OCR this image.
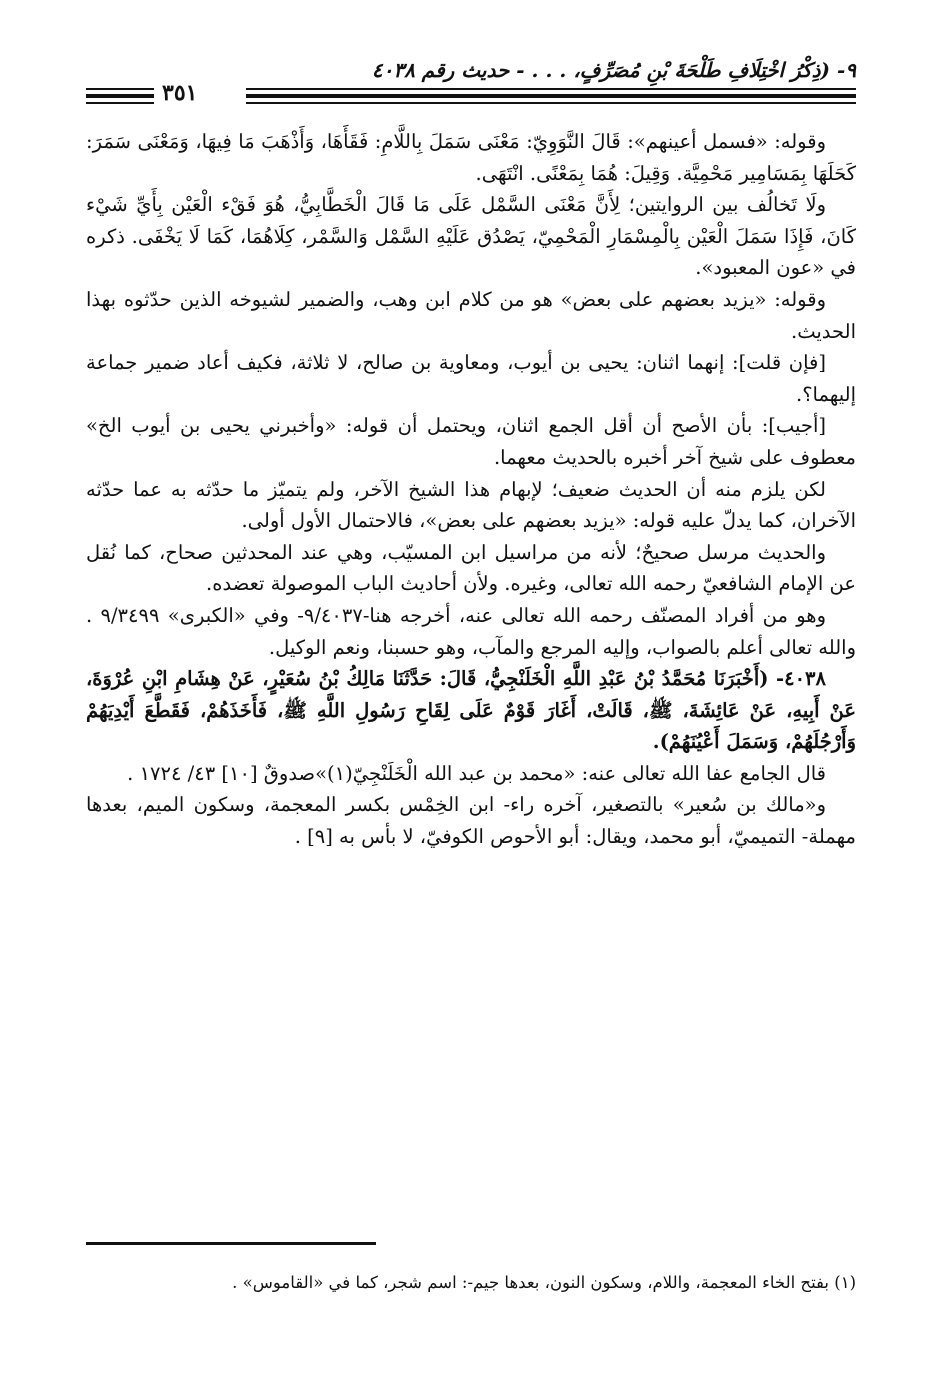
٩- (ذِكْرُ اخْتِلَافِ طَلْحَةَ بْنِ مُصَرِّفٍ، . . . - حديث رقم ٤٠٣٨
٣٥١

وقوله: «فسمل أعينهم»: قَالَ النَّوَوِيّ: مَعْنَى سَمَلَ بِاللَّامِ: فَقَأَهَا، وَأَذْهَبَ مَا فِيهَا، وَمَعْنَى سَمَرَ: كَحَلَهَا بِمَسَامِير مَحْمِيَّة. وَقِيلَ: هُمَا بِمَعْنًى. انْتَهَى.

ولَا تَخالُف بين الروايتين؛ لِأَنَّ مَعْنَى السَّمْل عَلَى مَا قَالَ الْخَطَّابِيُّ، هُوَ فَقْء الْعَيْن بِأَيِّ شَيْء كَانَ، فَإِذَا سَمَلَ الْعَيْن بِالْمِسْمَارِ الْمَحْمِيّ، يَصْدُق عَلَيْهِ السَّمْل وَالسَّمْر، كِلَاهُمَا، كَمَا لَا يَخْفَى. ذكره في «عون المعبود».

وقوله: «يزيد بعضهم على بعض» هو من كلام ابن وهب، والضمير لشيوخه الذين حدّثوه بهذا الحديث.

[فإن قلت]: إنهما اثنان: يحيى بن أيوب، ومعاوية بن صالح، لا ثلاثة، فكيف أعاد ضمير جماعة إليهما؟.

[أجيب]: بأن الأصح أن أقل الجمع اثنان، ويحتمل أن قوله: «وأخبرني يحيى بن أيوب الخ» معطوف على شيخ آخر أخبره بالحديث معهما.

لكن يلزم منه أن الحديث ضعيف؛ لإبهام هذا الشيخ الآخر، ولم يتميّز ما حدّثه به عما حدّثه الآخران، كما يدلّ عليه قوله: «يزيد بعضهم على بعض»، فالاحتمال الأول أولى.

والحديث مرسل صحيحٌ؛ لأنه من مراسيل ابن المسيّب، وهي عند المحدثين صحاح، كما نُقل عن الإمام الشافعيّ رحمه الله تعالى، وغيره. ولأن أحاديث الباب الموصولة تعضده.

وهو من أفراد المصنّف رحمه الله تعالى عنه، أخرجه هنا-٩/٤٠٣٧- وفي «الكبرى» ٩/٣٤٩٩ . والله تعالى أعلم بالصواب، وإليه المرجع والمآب، وهو حسبنا، ونعم الوكيل.

٤٠٣٨- (أَخْبَرَنَا مُحَمَّدُ بْنُ عَبْدِ اللَّهِ الْخَلَنْجِيُّ، قَالَ: حَدَّثَنَا مَالِكُ بْنُ سُعَيْرٍ، عَنْ هِشَامِ ابْنِ عُرْوَةَ، عَنْ أَبِيهِ، عَنْ عَائِشَةَ، ﷺ، قَالَتْ، أَغَارَ قَوْمٌ عَلَى لِقَاحِ رَسُولِ اللَّهِ ﷺ، فَأَخَذَهُمْ، فَقَطَّعَ أَيْدِيَهُمْ وَأَرْجُلَهُمْ، وَسَمَلَ أَعْيُنَهُمْ).

قال الجامع عفا الله تعالى عنه: «محمد بن عبد الله الْخَلَنْجِيّ(١)»صدوقٌ [١٠] ٤٣/ ١٧٢٤ .

و«مالك بن سُعير» بالتصغير، آخره راء- ابن الخِمْس بكسر المعجمة، وسكون الميم، بعدها مهملة- التميميّ، أبو محمد، ويقال: أبو الأحوص الكوفيّ، لا بأس به [٩] .

(١) بفتح الخاء المعجمة، واللام، وسكون النون، بعدها جيم-: اسم شجر، كما في «القاموس» .
